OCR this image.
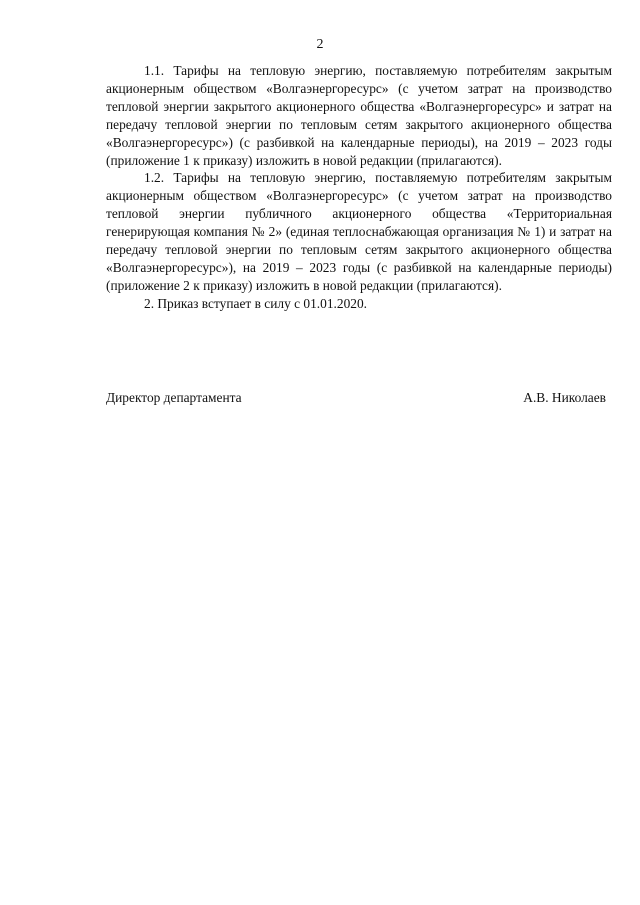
2

1.1. Тарифы на тепловую энергию, поставляемую потребителям закрытым акционерным обществом «Волгаэнергоресурс» (с учетом затрат на производство тепловой энергии закрытого акционерного общества «Волгаэнергоресурс» и затрат на передачу тепловой энергии по тепловым сетям закрытого акционерного общества «Волгаэнергоресурс») (с разбивкой на календарные периоды), на 2019 – 2023 годы (приложение 1 к приказу) изложить в новой редакции (прилагаются).

1.2. Тарифы на тепловую энергию, поставляемую потребителям закрытым акционерным обществом «Волгаэнергоресурс» (с учетом затрат на производство тепловой энергии публичного акционерного общества «Территориальная генерирующая компания № 2» (единая теплоснабжающая организация № 1) и затрат на передачу тепловой энергии по тепловым сетям закрытого акционерного общества «Волгаэнергоресурс»), на 2019 – 2023 годы (с разбивкой на календарные периоды) (приложение 2 к приказу) изложить в новой редакции (прилагаются).

2. Приказ вступает в силу с 01.01.2020.

Директор департамента	А.В. Николаев
